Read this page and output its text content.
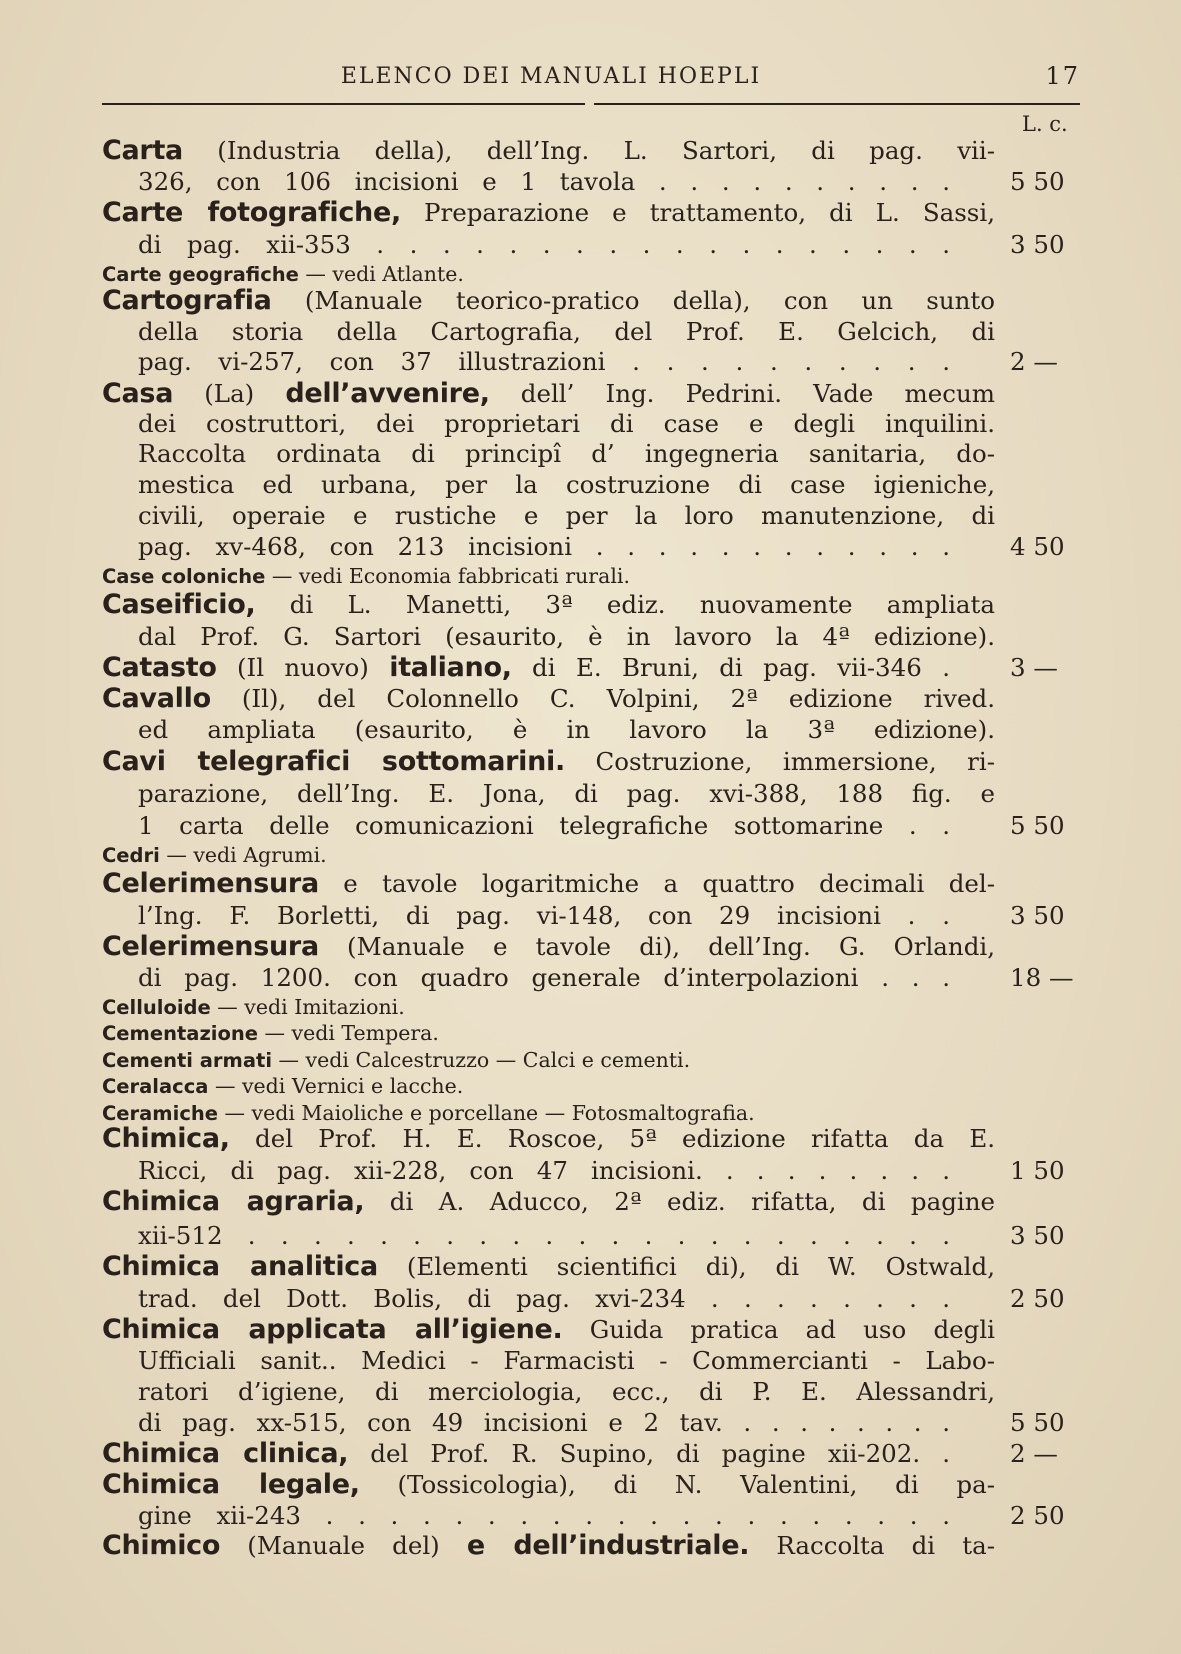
ELENCO DEI MANUALI HOEPLI	17
L. c.
Carta (Industria della), dell’Ing. L. Sartori, di pag. vii-
326, con 106 incisioni e 1 tavola . . . . . . . . . . 5 50
Carte fotografiche, Preparazione e trattamento, di L. Sassi,
di pag. xii-353 . . . . . . . . . . . . . . . . . . 3 50
Carte geografiche — vedi Atlante.
Cartografia (Manuale teorico-pratico della), con un sunto
della storia della Cartografia, del Prof. E. Gelcich, di
pag. vi-257, con 37 illustrazioni . . . . . . . . . . 2 —
Casa (La) dell’avvenire, dell’ Ing. Pedrini. Vade mecum
dei costruttori, dei proprietari di case e degli inquilini.
Raccolta ordinata di principî d’ ingegneria sanitaria, do-
mestica ed urbana, per la costruzione di case igieniche,
civili, operaie e rustiche e per la loro manutenzione, di
pag. xv-468, con 213 incisioni . . . . . . . . . . . . 4 50
Case coloniche — vedi Economia fabbricati rurali.
Caseificio, di L. Manetti, 3ª ediz. nuovamente ampliata
dal Prof. G. Sartori (esaurito, è in lavoro la 4ª edizione).
Catasto (Il nuovo) italiano, di E. Bruni, di pag. vii-346 . 3 —
Cavallo (Il), del Colonnello C. Volpini, 2ª edizione rived.
ed ampliata (esaurito, è in lavoro la 3ª edizione).
Cavi telegrafici sottomarini. Costruzione, immersione, ri-
parazione, dell’Ing. E. Jona, di pag. xvi-388, 188 fig. e
1 carta delle comunicazioni telegrafiche sottomarine . . 5 50
Cedri — vedi Agrumi.
Celerimensura e tavole logaritmiche a quattro decimali del-
l’Ing. F. Borletti, di pag. vi-148, con 29 incisioni . . 3 50
Celerimensura (Manuale e tavole di), dell’Ing. G. Orlandi,
di pag. 1200. con quadro generale d’interpolazioni . . . 18 —
Celluloide — vedi Imitazioni.
Cementazione — vedi Tempera.
Cementi armati — vedi Calcestruzzo — Calci e cementi.
Ceralacca — vedi Vernici e lacche.
Ceramiche — vedi Maioliche e porcellane — Fotosmaltografia.
Chimica, del Prof. H. E. Roscoe, 5ª edizione rifatta da E.
Ricci, di pag. xii-228, con 47 incisioni. . . . . . . . . 1 50
Chimica agraria, di A. Aducco, 2ª ediz. rifatta, di pagine
xii-512 . . . . . . . . . . . . . . . . . . . . . . 3 50
Chimica analitica (Elementi scientifici di), di W. Ostwald,
trad. del Dott. Bolis, di pag. xvi-234 . . . . . . . . 2 50
Chimica applicata all’igiene. Guida pratica ad uso degli
Ufficiali sanit.. Medici - Farmacisti - Commercianti - Labo-
ratori d’igiene, di merciologia, ecc., di P. E. Alessandri,
di pag. xx-515, con 49 incisioni e 2 tav. . . . . . . . . 5 50
Chimica clinica, del Prof. R. Supino, di pagine xii-202. . 2 —
Chimica legale, (Tossicologia), di N. Valentini, di pa-
gine xii-243 . . . . . . . . . . . . . . . . . . . . 2 50
Chimico (Manuale del) e dell’industriale. Raccolta di ta-
